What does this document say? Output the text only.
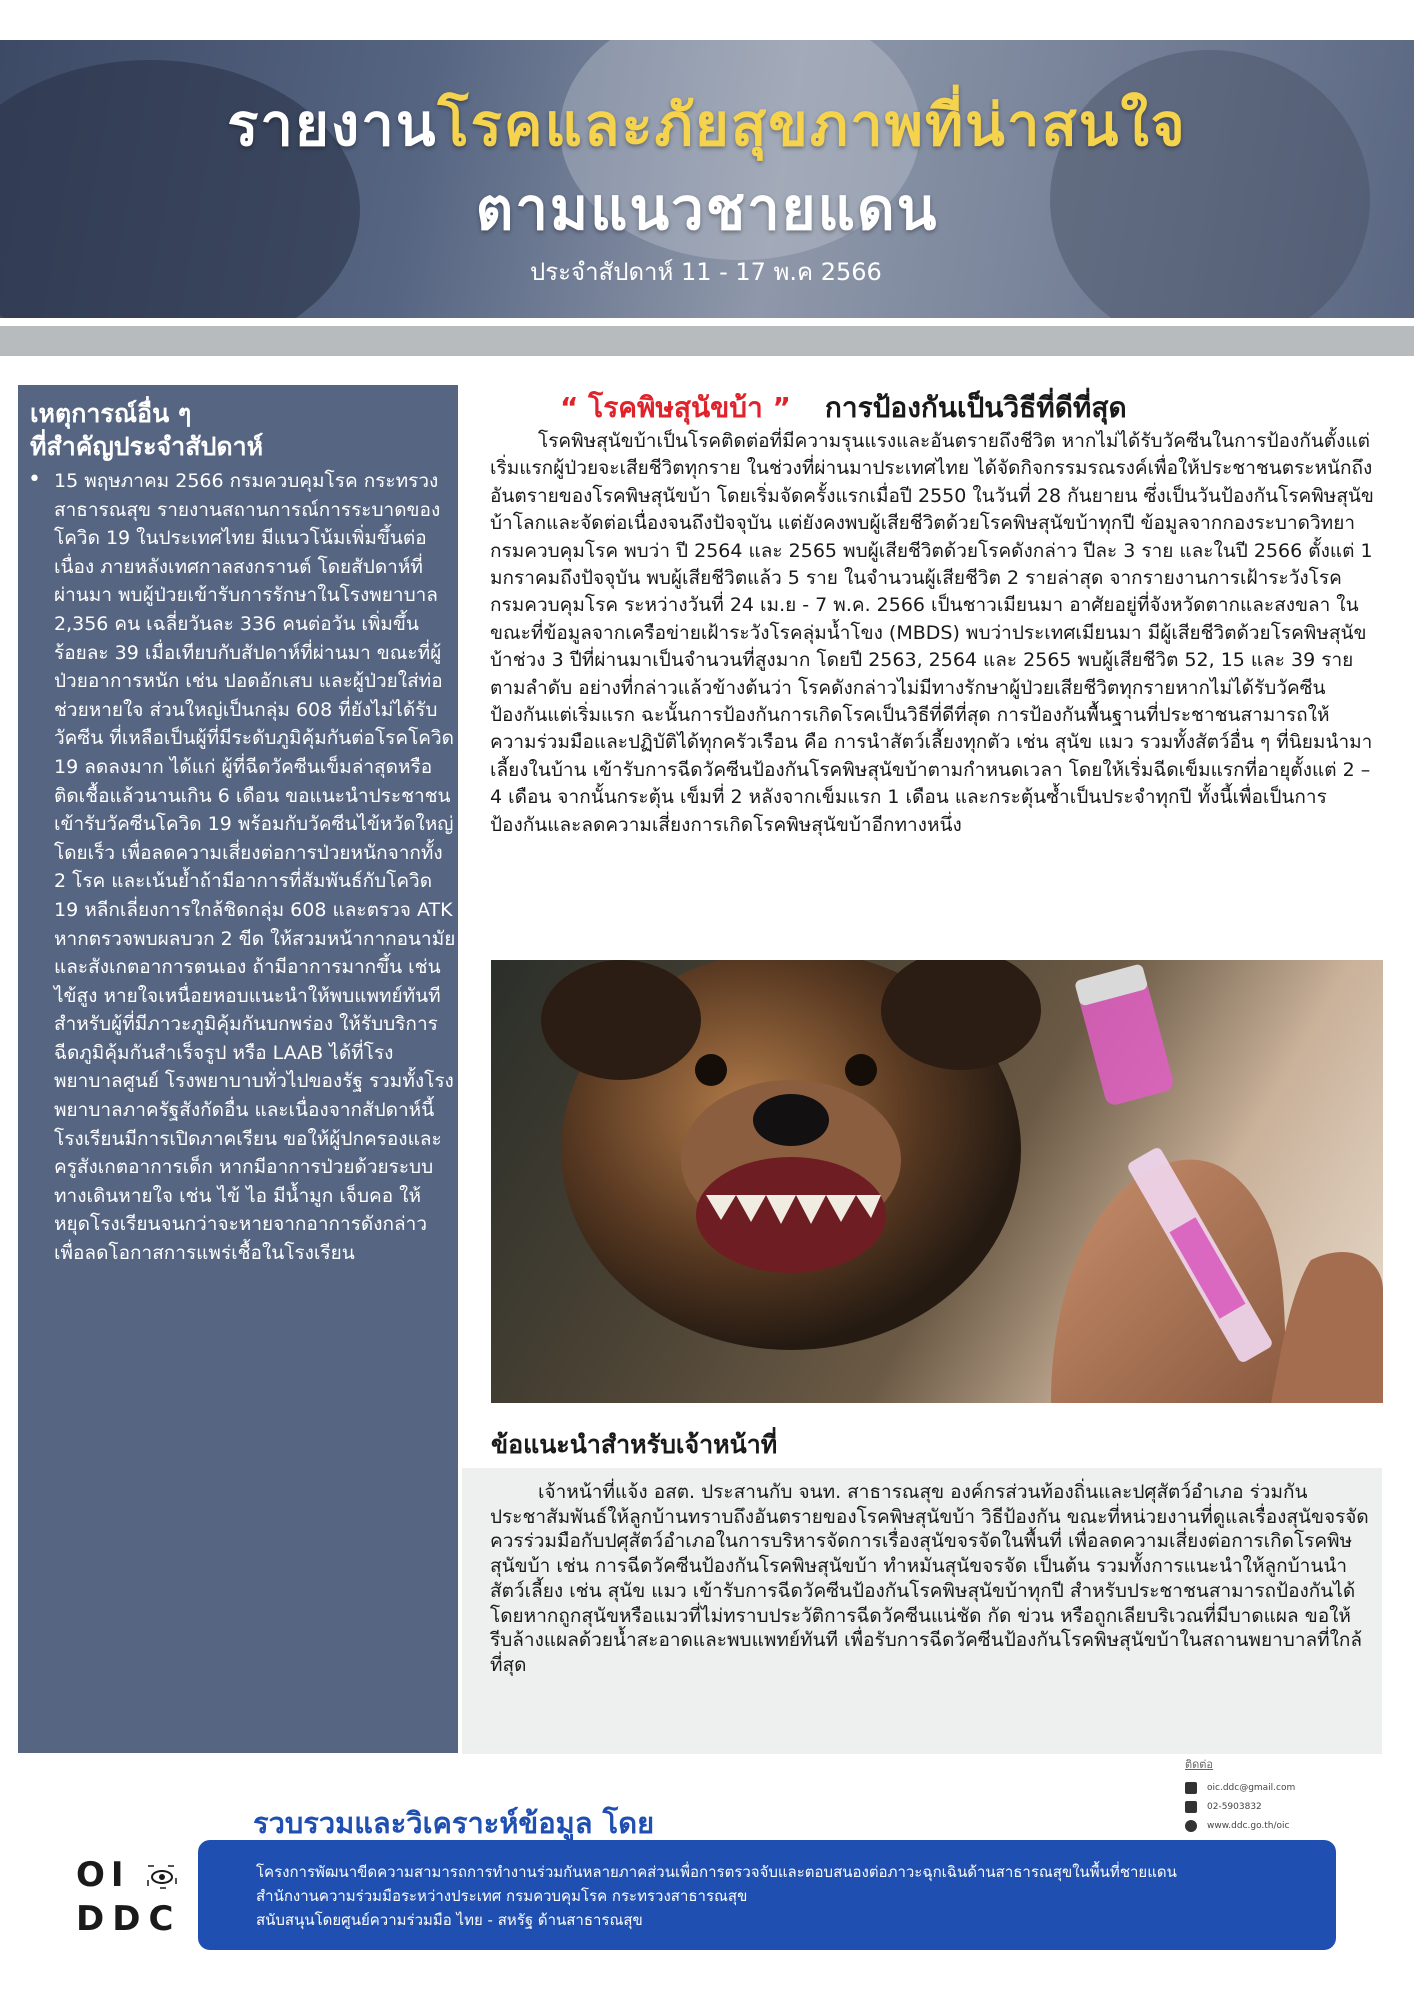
รายงานโรคและภัยสุขภาพที่น่าสนใจ
ตามแนวชายแดน
ประจำสัปดาห์ 11 - 17 พ.ค 2566
เหตุการณ์อื่น ๆ
ที่สำคัญประจำสัปดาห์
• 15 พฤษภาคม 2566 กรมควบคุมโรค กระทรวงสาธารณสุข รายงานสถานการณ์การระบาดของโควิด 19 ในประเทศไทย มีแนวโน้มเพิ่มขึ้นต่อเนื่อง ภายหลังเทศกาลสงกรานต์ โดยสัปดาห์ที่ผ่านมา พบผู้ป่วยเข้ารับการรักษาในโรงพยาบาล 2,356 คน เฉลี่ยวันละ 336 คนต่อวัน เพิ่มขึ้น ร้อยละ 39 เมื่อเทียบกับสัปดาห์ที่ผ่านมา ขณะที่ผู้ป่วยอาการหนัก เช่น ปอดอักเสบ และผู้ป่วยใส่ท่อช่วยหายใจ ส่วนใหญ่เป็นกลุ่ม 608 ที่ยังไม่ได้รับวัคซีน ที่เหลือเป็นผู้ที่มีระดับภูมิคุ้มกันต่อโรคโควิด 19 ลดลงมาก ได้แก่ ผู้ที่ฉีดวัคซีนเข็มล่าสุดหรือติดเชื้อแล้วนานเกิน 6 เดือน ขอแนะนำประชาชนเข้ารับวัคซีนโควิด 19 พร้อมกับวัคซีนไข้หวัดใหญ่โดยเร็ว เพื่อลดความเสี่ยงต่อการป่วยหนักจากทั้ง 2 โรค และเน้นย้ำถ้ามีอาการที่สัมพันธ์กับโควิด 19 หลีกเลี่ยงการใกล้ชิดกลุ่ม 608 และตรวจ ATK หากตรวจพบผลบวก 2 ขีด ให้สวมหน้ากากอนามัยและสังเกตอาการตนเอง ถ้ามีอาการมากขึ้น เช่น ไข้สูง หายใจเหนื่อยหอบแนะนำให้พบแพทย์ทันที สำหรับผู้ที่มีภาวะภูมิคุ้มกันบกพร่อง ให้รับบริการฉีดภูมิคุ้มกันสำเร็จรูป หรือ LAAB ได้ที่โรงพยาบาลศูนย์ โรงพยาบาบทั่วไปของรัฐ รวมทั้งโรงพยาบาลภาครัฐสังกัดอื่น และเนื่องจากสัปดาห์นี้โรงเรียนมีการเปิดภาคเรียน ขอให้ผู้ปกครองและครูสังเกตอาการเด็ก หากมีอาการป่วยด้วยระบบทางเดินหายใจ เช่น ไข้ ไอ มีน้ำมูก เจ็บคอ ให้หยุดโรงเรียนจนกว่าจะหายจากอาการดังกล่าว เพื่อลดโอกาสการแพร่เชื้อในโรงเรียน
“ โรคพิษสุนัขบ้า ” การป้องกันเป็นวิธีที่ดีที่สุด
โรคพิษสุนัขบ้าเป็นโรคติดต่อที่มีความรุนแรงและอันตรายถึงชีวิต หากไม่ได้รับวัคซีนในการป้องกันตั้งแต่เริ่มแรกผู้ป่วยจะเสียชีวิตทุกราย ในช่วงที่ผ่านมาประเทศไทย ได้จัดกิจกรรมรณรงค์เพื่อให้ประชาชนตระหนักถึงอันตรายของโรคพิษสุนัขบ้า โดยเริ่มจัดครั้งแรกเมื่อปี 2550 ในวันที่ 28 กันยายน ซึ่งเป็นวันป้องกันโรคพิษสุนัขบ้าโลกและจัดต่อเนื่องจนถึงปัจจุบัน แต่ยังคงพบผู้เสียชีวิตด้วยโรคพิษสุนัขบ้าทุกปี ข้อมูลจากกองระบาดวิทยา กรมควบคุมโรค พบว่า ปี 2564 และ 2565 พบผู้เสียชีวิตด้วยโรคดังกล่าว ปีละ 3 ราย และในปี 2566 ตั้งแต่ 1 มกราคมถึงปัจจุบัน พบผู้เสียชีวิตแล้ว 5 ราย ในจำนวนผู้เสียชีวิต 2 รายล่าสุด จากรายงานการเฝ้าระวังโรค กรมควบคุมโรค ระหว่างวันที่ 24 เม.ย - 7 พ.ค. 2566 เป็นชาวเมียนมา อาศัยอยู่ที่จังหวัดตากและสงขลา ในขณะที่ข้อมูลจากเครือข่ายเฝ้าระวังโรคลุ่มน้ำโขง (MBDS) พบว่าประเทศเมียนมา มีผู้เสียชีวิตด้วยโรคพิษสุนัขบ้าช่วง 3 ปีที่ผ่านมาเป็นจำนวนที่สูงมาก โดยปี 2563, 2564 และ 2565 พบผู้เสียชีวิต 52, 15 และ 39 รายตามลำดับ อย่างที่กล่าวแล้วข้างต้นว่า โรคดังกล่าวไม่มีทางรักษาผู้ป่วยเสียชีวิตทุกรายหากไม่ได้รับวัคซีนป้องกันแต่เริ่มแรก ฉะนั้นการป้องกันการเกิดโรคเป็นวิธีที่ดีที่สุด การป้องกันพื้นฐานที่ประชาชนสามารถให้ความร่วมมือและปฏิบัติได้ทุกครัวเรือน คือ การนำสัตว์เลี้ยงทุกตัว เช่น สุนัข แมว รวมทั้งสัตว์อื่น ๆ ที่นิยมนำมาเลี้ยงในบ้าน เข้ารับการฉีดวัคซีนป้องกันโรคพิษสุนัขบ้าตามกำหนดเวลา โดยให้เริ่มฉีดเข็มแรกที่อายุตั้งแต่ 2 – 4 เดือน จากนั้นกระตุ้น เข็มที่ 2 หลังจากเข็มแรก 1 เดือน และกระตุ้นซ้ำเป็นประจำทุกปี ทั้งนี้เพื่อเป็นการป้องกันและลดความเสี่ยงการเกิดโรคพิษสุนัขบ้าอีกทางหนึ่ง
ข้อแนะนำสำหรับเจ้าหน้าที่
เจ้าหน้าที่แจ้ง อสต. ประสานกับ จนท. สาธารณสุข องค์กรส่วนท้องถิ่นและปศุสัตว์อำเภอ ร่วมกันประชาสัมพันธ์ให้ลูกบ้านทราบถึงอันตรายของโรคพิษสุนัขบ้า วิธีป้องกัน ขณะที่หน่วยงานที่ดูแลเรื่องสุนัขจรจัดควรร่วมมือกับปศุสัตว์อำเภอในการบริหารจัดการเรื่องสุนัขจรจัดในพื้นที่ เพื่อลดความเสี่ยงต่อการเกิดโรคพิษสุนัขบ้า เช่น การฉีดวัคซีนป้องกันโรคพิษสุนัขบ้า ทำหมันสุนัขจรจัด เป็นต้น รวมทั้งการแนะนำให้ลูกบ้านนำสัตว์เลี้ยง เช่น สุนัข แมว เข้ารับการฉีดวัคซีนป้องกันโรคพิษสุนัขบ้าทุกปี สำหรับประชาชนสามารถป้องกันได้โดยหากถูกสุนัขหรือแมวที่ไม่ทราบประวัติการฉีดวัคซีนแน่ชัด กัด ข่วน หรือถูกเลียบริเวณที่มีบาดแผล ขอให้รีบล้างแผลด้วยน้ำสะอาดและพบแพทย์ทันที เพื่อรับการฉีดวัคซีนป้องกันโรคพิษสุนัขบ้าในสถานพยาบาลที่ใกล้ที่สุด
ติดต่อ
oic.ddc@gmail.com
02-5903832
www.ddc.go.th/oic
รวบรวมและวิเคราะห์ข้อมูล โดย
OI
DDC
โครงการพัฒนาขีดความสามารถการทำงานร่วมกันหลายภาคส่วนเพื่อการตรวจจับและตอบสนองต่อภาวะฉุกเฉินด้านสาธารณสุขในพื้นที่ชายแดน
สำนักงานความร่วมมือระหว่างประเทศ กรมควบคุมโรค กระทรวงสาธารณสุข
สนับสนุนโดยศูนย์ความร่วมมือ ไทย - สหรัฐ ด้านสาธารณสุข
